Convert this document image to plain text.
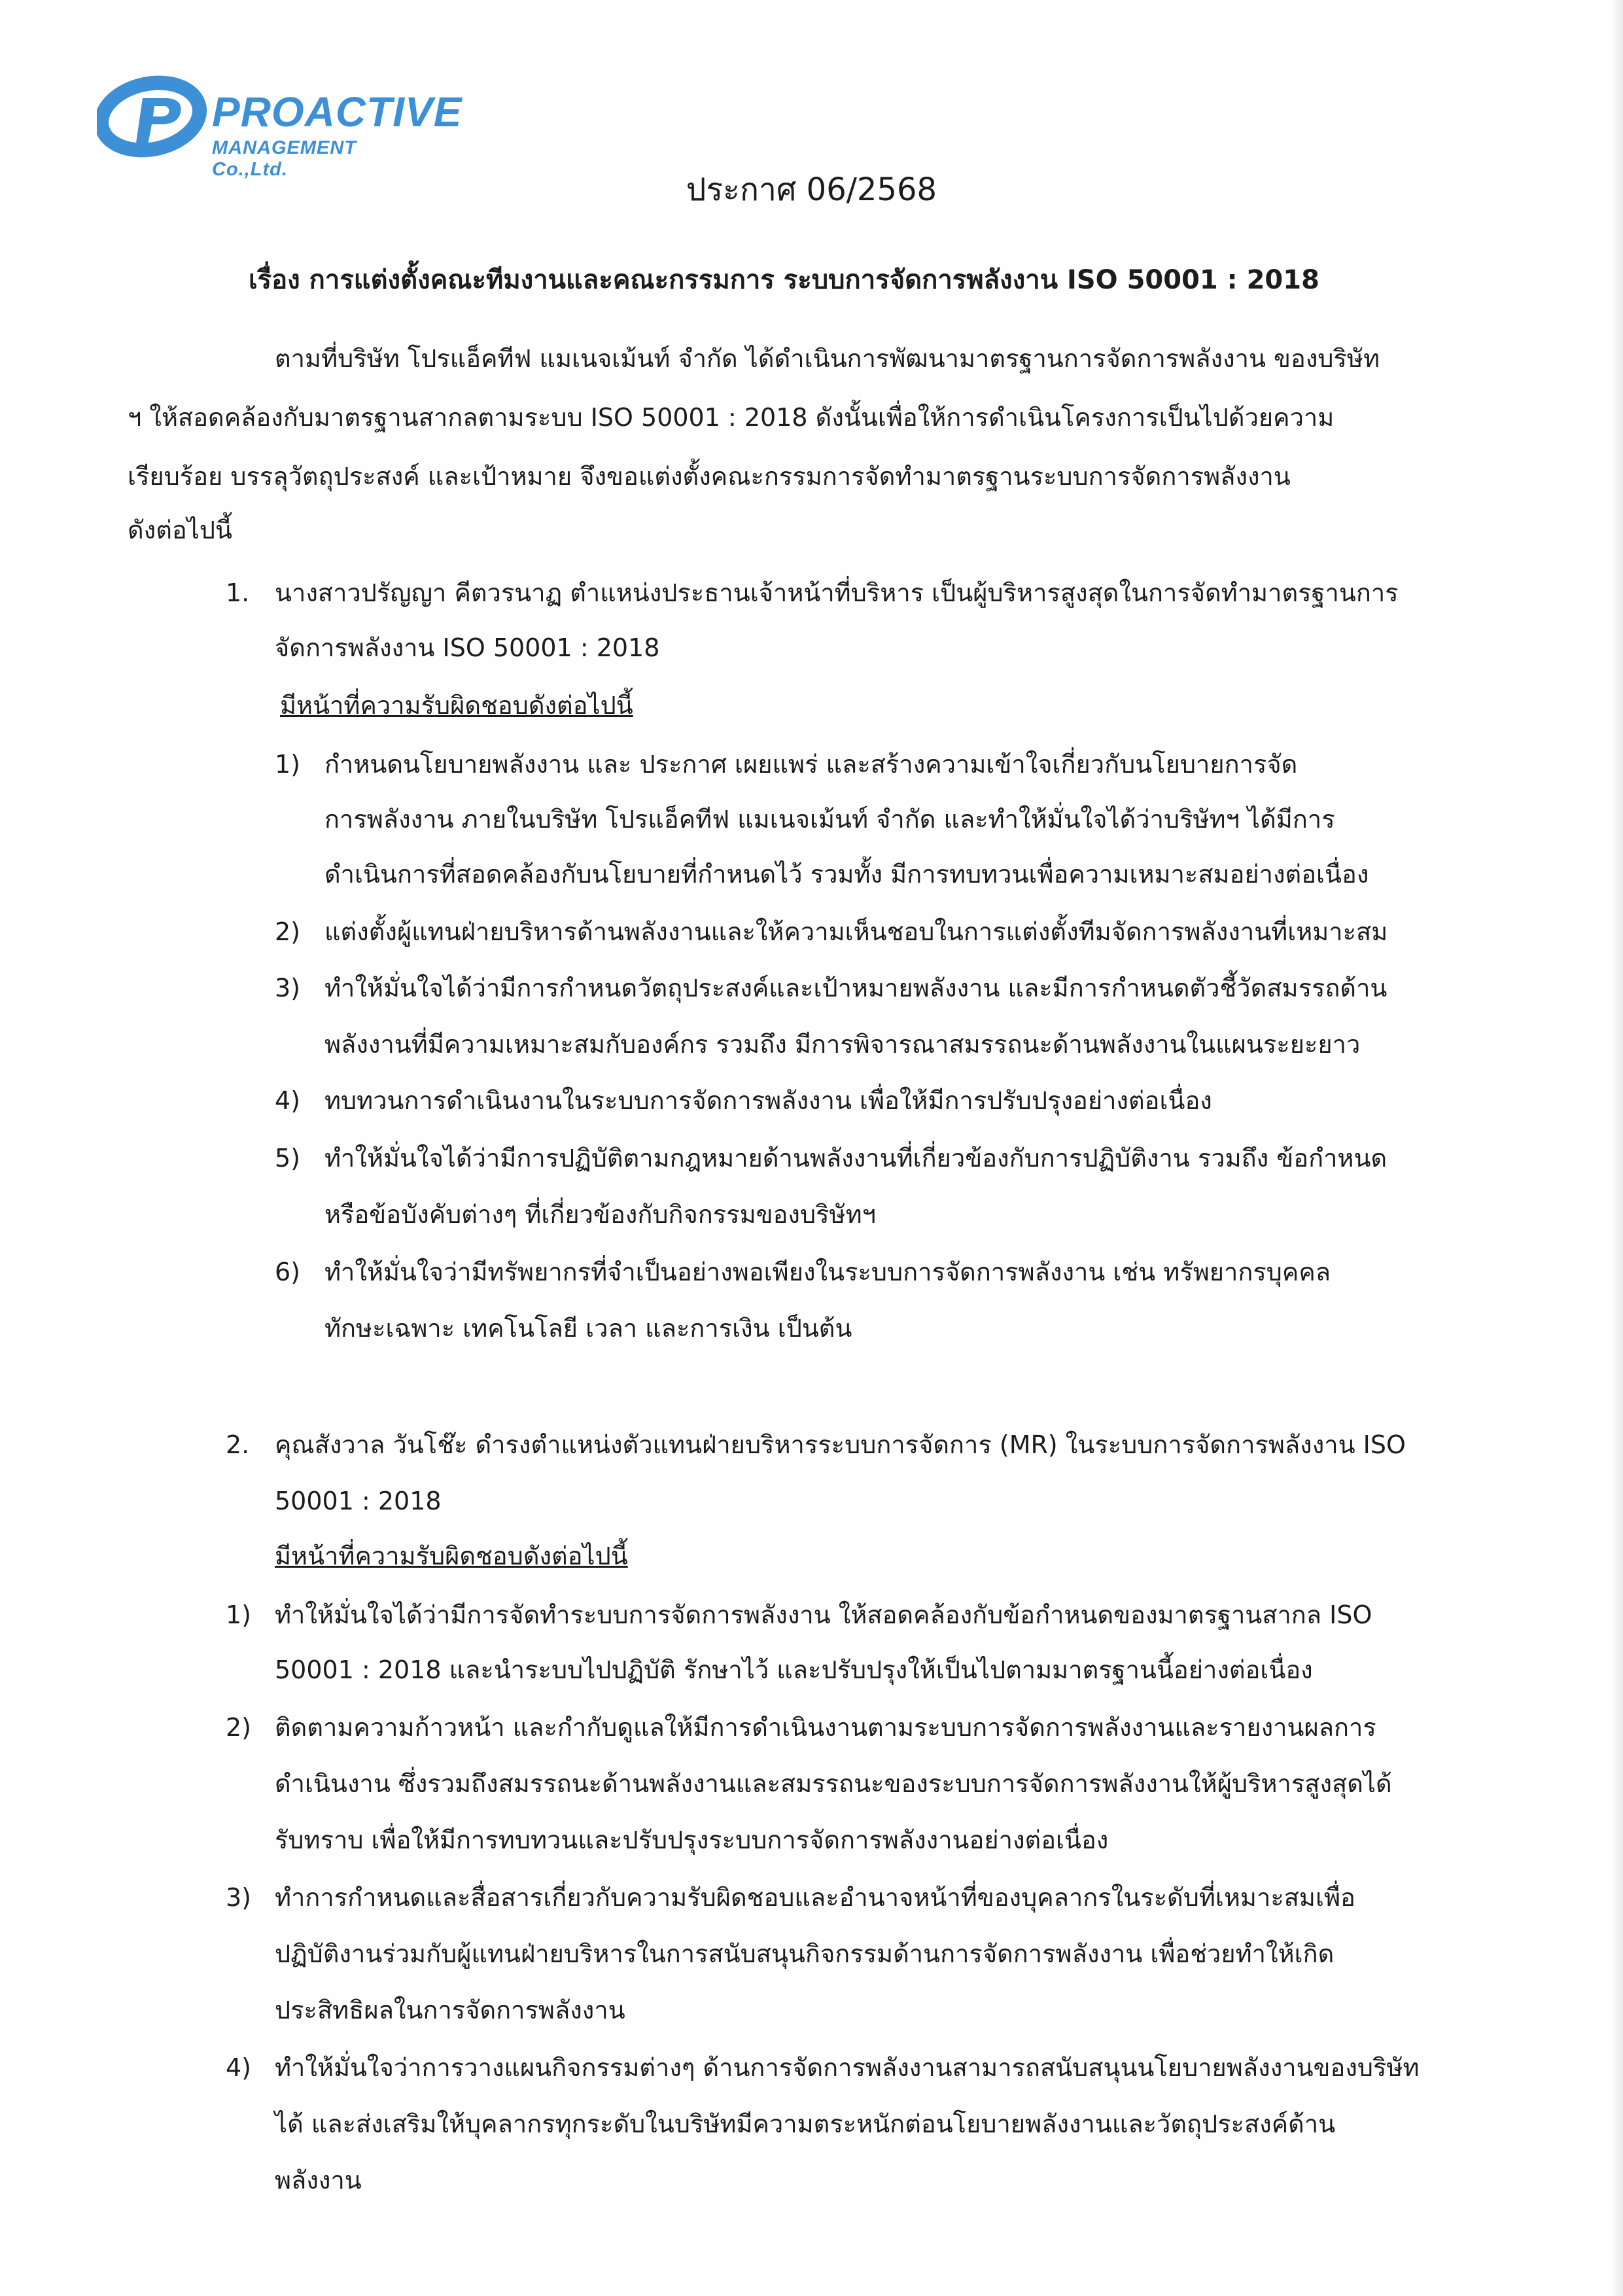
PROACTIVE
MANAGEMENT Co.,Ltd.
ประกาศ 06/2568
เรื่อง การแต่งตั้งคณะทีมงานและคณะกรรมการ ระบบการจัดการพลังงาน ISO 50001 : 2018
ตามที่บริษัท โปรแอ็คทีฟ แมเนจเม้นท์ จำกัด ได้ดำเนินการพัฒนามาตรฐานการจัดการพลังงาน ของบริษัท
ฯ ให้สอดคล้องกับมาตรฐานสากลตามระบบ ISO 50001 : 2018 ดังนั้นเพื่อให้การดำเนินโครงการเป็นไปด้วยความ
เรียบร้อย บรรลุวัตถุประสงค์ และเป้าหมาย จึงขอแต่งตั้งคณะกรรมการจัดทำมาตรฐานระบบการจัดการพลังงาน
ดังต่อไปนี้
1. นางสาวปรัญญา คีตวรนาฏ ตำแหน่งประธานเจ้าหน้าที่บริหาร เป็นผู้บริหารสูงสุดในการจัดทำมาตรฐานการ
จัดการพลังงาน ISO 50001 : 2018
มีหน้าที่ความรับผิดชอบดังต่อไปนี้
1) กำหนดนโยบายพลังงาน และ ประกาศ เผยแพร่ และสร้างความเข้าใจเกี่ยวกับนโยบายการจัด
การพลังงาน ภายในบริษัท โปรแอ็คทีฟ แมเนจเม้นท์ จำกัด และทำให้มั่นใจได้ว่าบริษัทฯ ได้มีการ
ดำเนินการที่สอดคล้องกับนโยบายที่กำหนดไว้ รวมทั้ง มีการทบทวนเพื่อความเหมาะสมอย่างต่อเนื่อง
2) แต่งตั้งผู้แทนฝ่ายบริหารด้านพลังงานและให้ความเห็นชอบในการแต่งตั้งทีมจัดการพลังงานที่เหมาะสม
3) ทำให้มั่นใจได้ว่ามีการกำหนดวัตถุประสงค์และเป้าหมายพลังงาน และมีการกำหนดตัวชี้วัดสมรรถด้าน
พลังงานที่มีความเหมาะสมกับองค์กร รวมถึง มีการพิจารณาสมรรถนะด้านพลังงานในแผนระยะยาว
4) ทบทวนการดำเนินงานในระบบการจัดการพลังงาน เพื่อให้มีการปรับปรุงอย่างต่อเนื่อง
5) ทำให้มั่นใจได้ว่ามีการปฏิบัติตามกฎหมายด้านพลังงานที่เกี่ยวข้องกับการปฏิบัติงาน รวมถึง ข้อกำหนด
หรือข้อบังคับต่างๆ ที่เกี่ยวข้องกับกิจกรรมของบริษัทฯ
6) ทำให้มั่นใจว่ามีทรัพยากรที่จำเป็นอย่างพอเพียงในระบบการจัดการพลังงาน เช่น ทรัพยากรบุคคล
ทักษะเฉพาะ เทคโนโลยี เวลา และการเงิน เป็นต้น
2. คุณสังวาล วันโช๊ะ ดำรงตำแหน่งตัวแทนฝ่ายบริหารระบบการจัดการ (MR) ในระบบการจัดการพลังงาน ISO
50001 : 2018
มีหน้าที่ความรับผิดชอบดังต่อไปนี้
1) ทำให้มั่นใจได้ว่ามีการจัดทำระบบการจัดการพลังงาน ให้สอดคล้องกับข้อกำหนดของมาตรฐานสากล ISO
50001 : 2018 และนำระบบไปปฏิบัติ รักษาไว้ และปรับปรุงให้เป็นไปตามมาตรฐานนี้อย่างต่อเนื่อง
2) ติดตามความก้าวหน้า และกำกับดูแลให้มีการดำเนินงานตามระบบการจัดการพลังงานและรายงานผลการ
ดำเนินงาน ซึ่งรวมถึงสมรรถนะด้านพลังงานและสมรรถนะของระบบการจัดการพลังงานให้ผู้บริหารสูงสุดได้
รับทราบ เพื่อให้มีการทบทวนและปรับปรุงระบบการจัดการพลังงานอย่างต่อเนื่อง
3) ทำการกำหนดและสื่อสารเกี่ยวกับความรับผิดชอบและอำนาจหน้าที่ของบุคลากรในระดับที่เหมาะสมเพื่อ
ปฏิบัติงานร่วมกับผู้แทนฝ่ายบริหารในการสนับสนุนกิจกรรมด้านการจัดการพลังงาน เพื่อช่วยทำให้เกิด
ประสิทธิผลในการจัดการพลังงาน
4) ทำให้มั่นใจว่าการวางแผนกิจกรรมต่างๆ ด้านการจัดการพลังงานสามารถสนับสนุนนโยบายพลังงานของบริษัท
ได้ และส่งเสริมให้บุคลากรทุกระดับในบริษัทมีความตระหนักต่อนโยบายพลังงานและวัตถุประสงค์ด้าน
พลังงาน
